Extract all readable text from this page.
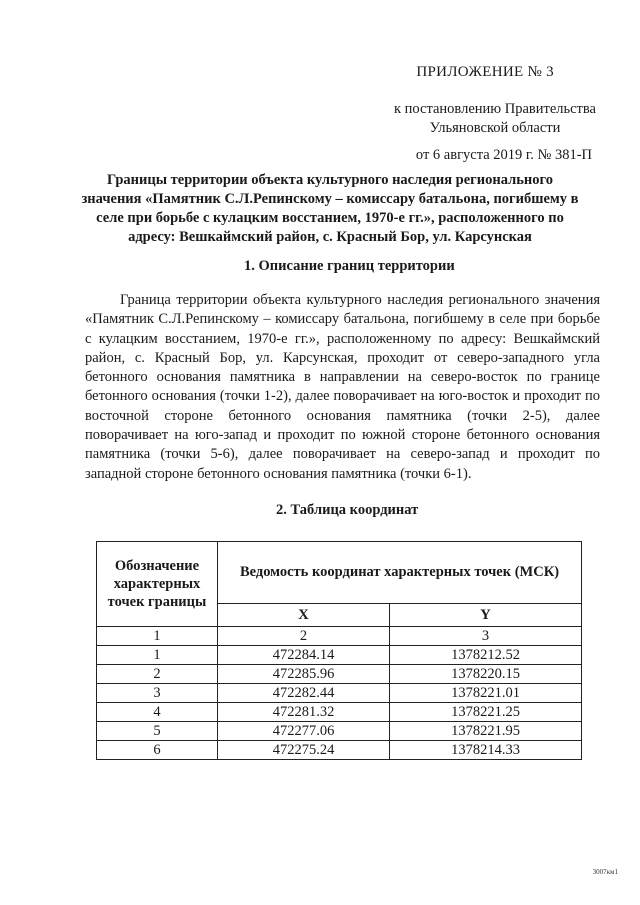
ПРИЛОЖЕНИЕ № 3
к постановлению Правительства
Ульяновской области
от 6 августа 2019 г. № 381-П
Границы территории объекта культурного наследия регионального значения «Памятник С.Л.Репинскому – комиссару батальона, погибшему в селе при борьбе с кулацким восстанием, 1970-е гг.», расположенного по адресу: Вешкаймский район, с. Красный Бор, ул. Карсунская
1. Описание границ территории

Граница территории объекта культурного наследия регионального значения «Памятник С.Л.Репинскому – комиссару батальона, погибшему в селе при борьбе с кулацким восстанием, 1970-е гг.», расположенному по адресу: Вешкаймский район, с. Красный Бор, ул. Карсунская, проходит от северо-западного угла бетонного основания памятника в направлении на северо-восток по границе бетонного основания (точки 1-2), далее поворачивает на юго-восток и проходит по восточной стороне бетонного основания памятника (точки 2-5), далее поворачивает на юго-запад и проходит по южной стороне бетонного основания памятника (точки 5-6), далее поворачивает на северо-запад и проходит по западной стороне бетонного основания памятника (точки 6-1).

2. Таблица координат
Обозначение характерных точек границы	Ведомость координат характерных точек (МСК)	
	X	Y
1	2	3
1	472284.14	1378212.52
2	472285.96	1378220.15
3	472282.44	1378221.01
4	472281.32	1378221.25
5	472277.06	1378221.95
6	472275.24	1378214.33
3007км1
